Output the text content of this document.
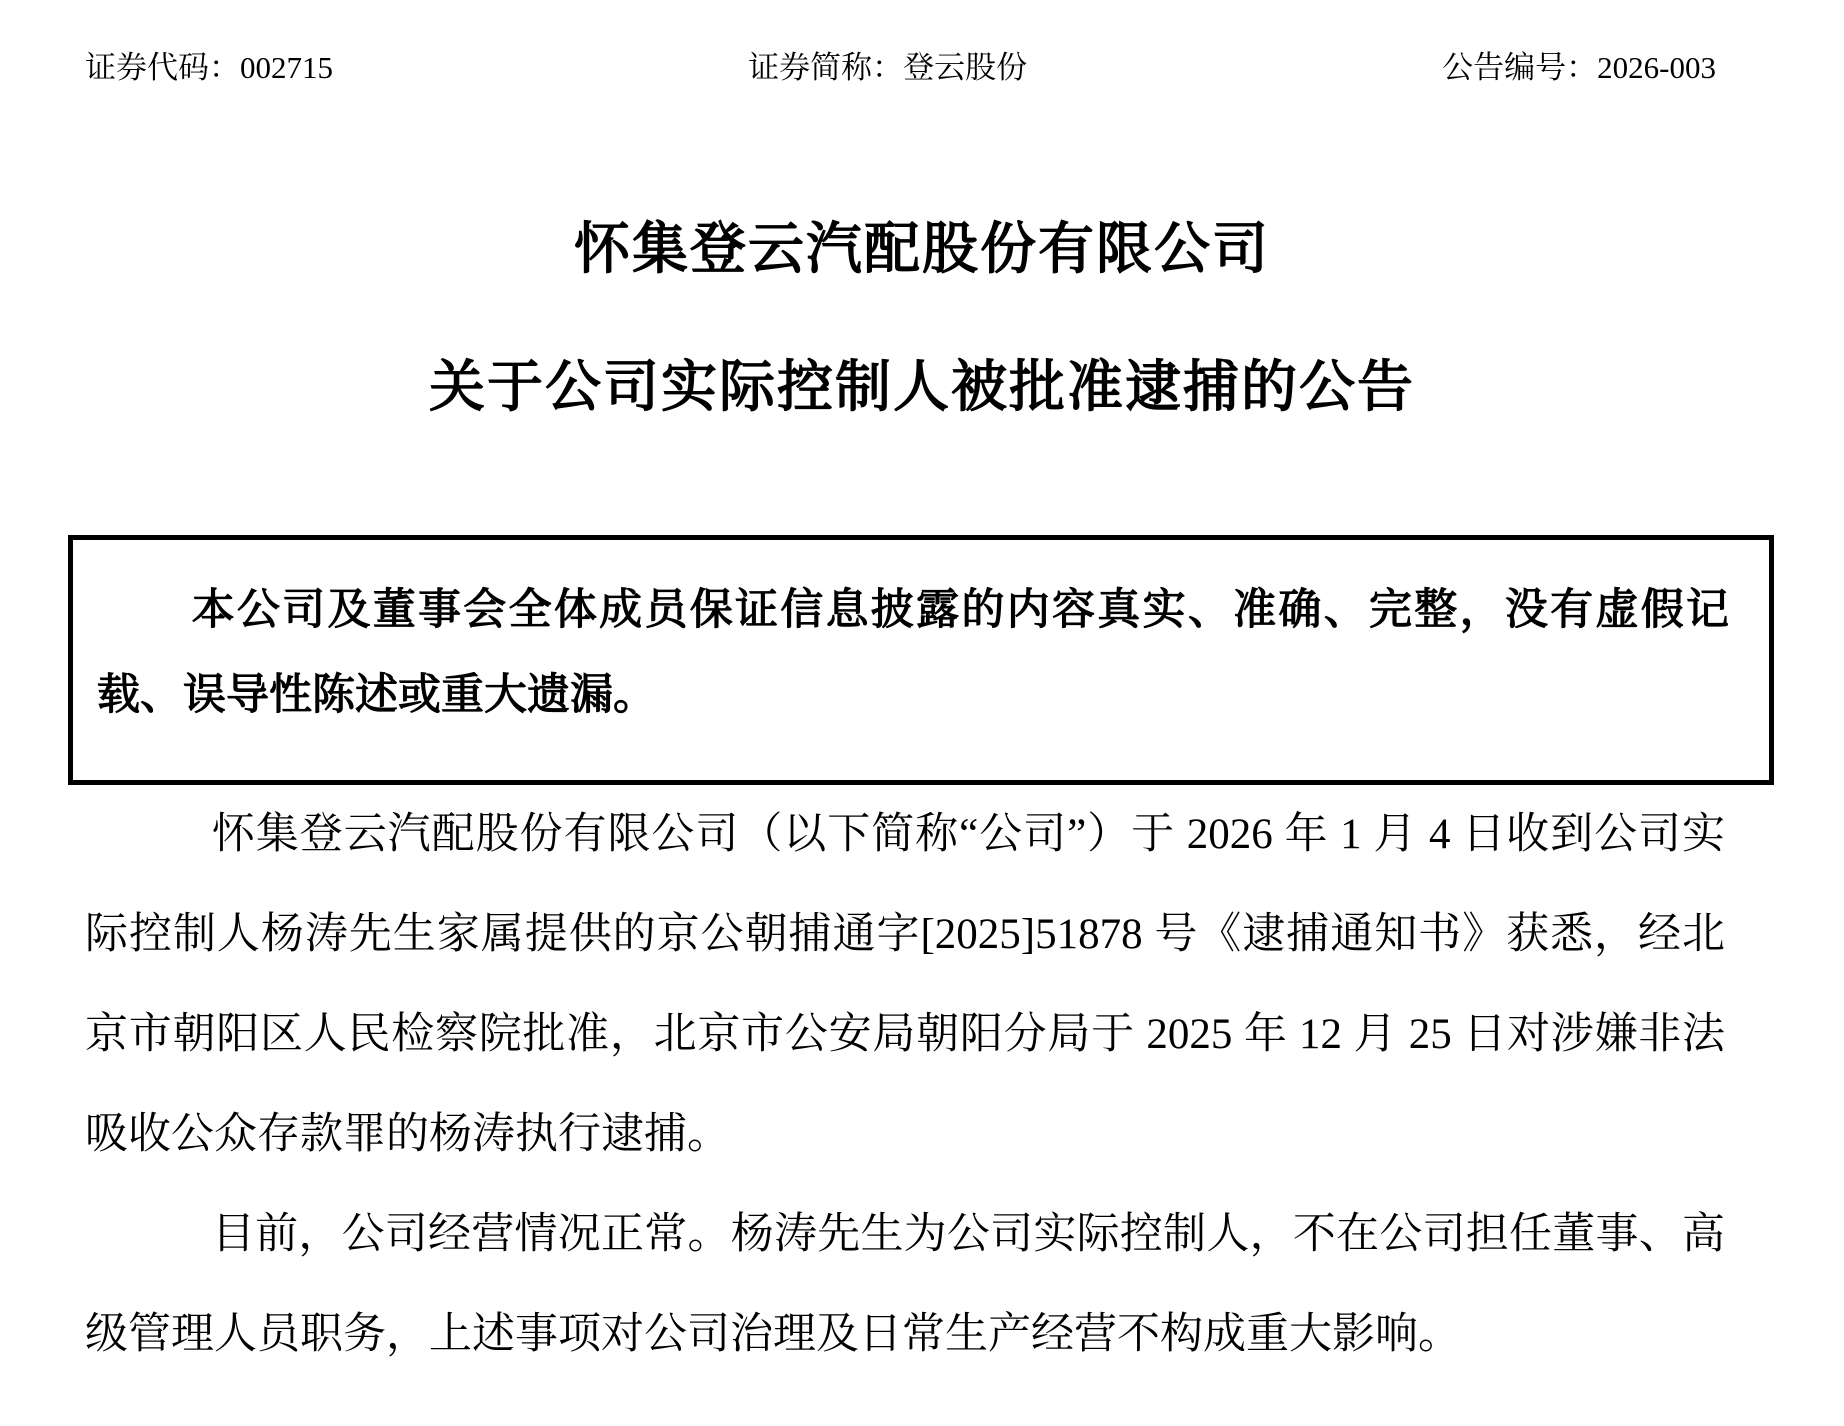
证券代码：002715	证券简称：登云股份	公告编号：2026-003
怀集登云汽配股份有限公司
关于公司实际控制人被批准逮捕的公告
本公司及董事会全体成员保证信息披露的内容真实、准确、完整，没有虚假记载、误导性陈述或重大遗漏。

怀集登云汽配股份有限公司（以下简称“公司”）于 2026 年 1 月 4 日收到公司实际控制人杨涛先生家属提供的京公朝捕通字[2025]51878 号《逮捕通知书》获悉，经北京市朝阳区人民检察院批准，北京市公安局朝阳分局于 2025 年 12 月 25 日对涉嫌非法吸收公众存款罪的杨涛执行逮捕。

目前，公司经营情况正常。杨涛先生为公司实际控制人，不在公司担任董事、高级管理人员职务，上述事项对公司治理及日常生产经营不构成重大影响。
